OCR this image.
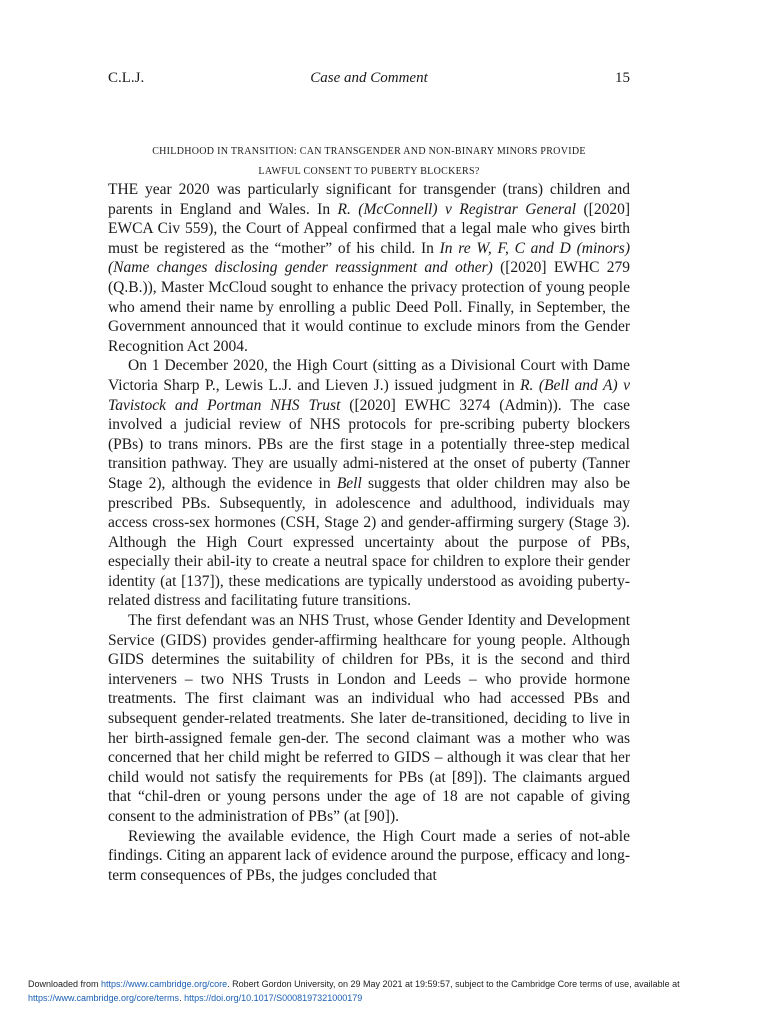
C.L.J.	Case and Comment	15
CHILDHOOD IN TRANSITION: CAN TRANSGENDER AND NON-BINARY MINORS PROVIDE
LAWFUL CONSENT TO PUBERTY BLOCKERS?

THE year 2020 was particularly significant for transgender (trans) children and parents in England and Wales. In R. (McConnell) v Registrar General ([2020] EWCA Civ 559), the Court of Appeal confirmed that a legal male who gives birth must be registered as the “mother” of his child. In In re W, F, C and D (minors)(Name changes disclosing gender reassignment and other) ([2020] EWHC 279 (Q.B.)), Master McCloud sought to enhance the privacy protection of young people who amend their name by enrolling a public Deed Poll. Finally, in September, the Government announced that it would continue to exclude minors from the Gender Recognition Act 2004.

On 1 December 2020, the High Court (sitting as a Divisional Court with Dame Victoria Sharp P., Lewis L.J. and Lieven J.) issued judgment in R. (Bell and A) v Tavistock and Portman NHS Trust ([2020] EWHC 3274 (Admin)). The case involved a judicial review of NHS protocols for pre-scribing puberty blockers (PBs) to trans minors. PBs are the first stage in a potentially three-step medical transition pathway. They are usually admi-nistered at the onset of puberty (Tanner Stage 2), although the evidence in Bell suggests that older children may also be prescribed PBs. Subsequently, in adolescence and adulthood, individuals may access cross-sex hormones (CSH, Stage 2) and gender-affirming surgery (Stage 3). Although the High Court expressed uncertainty about the purpose of PBs, especially their abil-ity to create a neutral space for children to explore their gender identity (at [137]), these medications are typically understood as avoiding puberty-related distress and facilitating future transitions.

The first defendant was an NHS Trust, whose Gender Identity and Development Service (GIDS) provides gender-affirming healthcare for young people. Although GIDS determines the suitability of children for PBs, it is the second and third interveners – two NHS Trusts in London and Leeds – who provide hormone treatments. The first claimant was an individual who had accessed PBs and subsequent gender-related treatments. She later de-transitioned, deciding to live in her birth-assigned female gen-der. The second claimant was a mother who was concerned that her child might be referred to GIDS – although it was clear that her child would not satisfy the requirements for PBs (at [89]). The claimants argued that “chil-dren or young persons under the age of 18 are not capable of giving consent to the administration of PBs” (at [90]).

Reviewing the available evidence, the High Court made a series of not-able findings. Citing an apparent lack of evidence around the purpose, efficacy and long-term consequences of PBs, the judges concluded that

Downloaded from https://www.cambridge.org/core. Robert Gordon University, on 29 May 2021 at 19:59:57, subject to the Cambridge Core terms of use, available at https://www.cambridge.org/core/terms. https://doi.org/10.1017/S0008197321000179
